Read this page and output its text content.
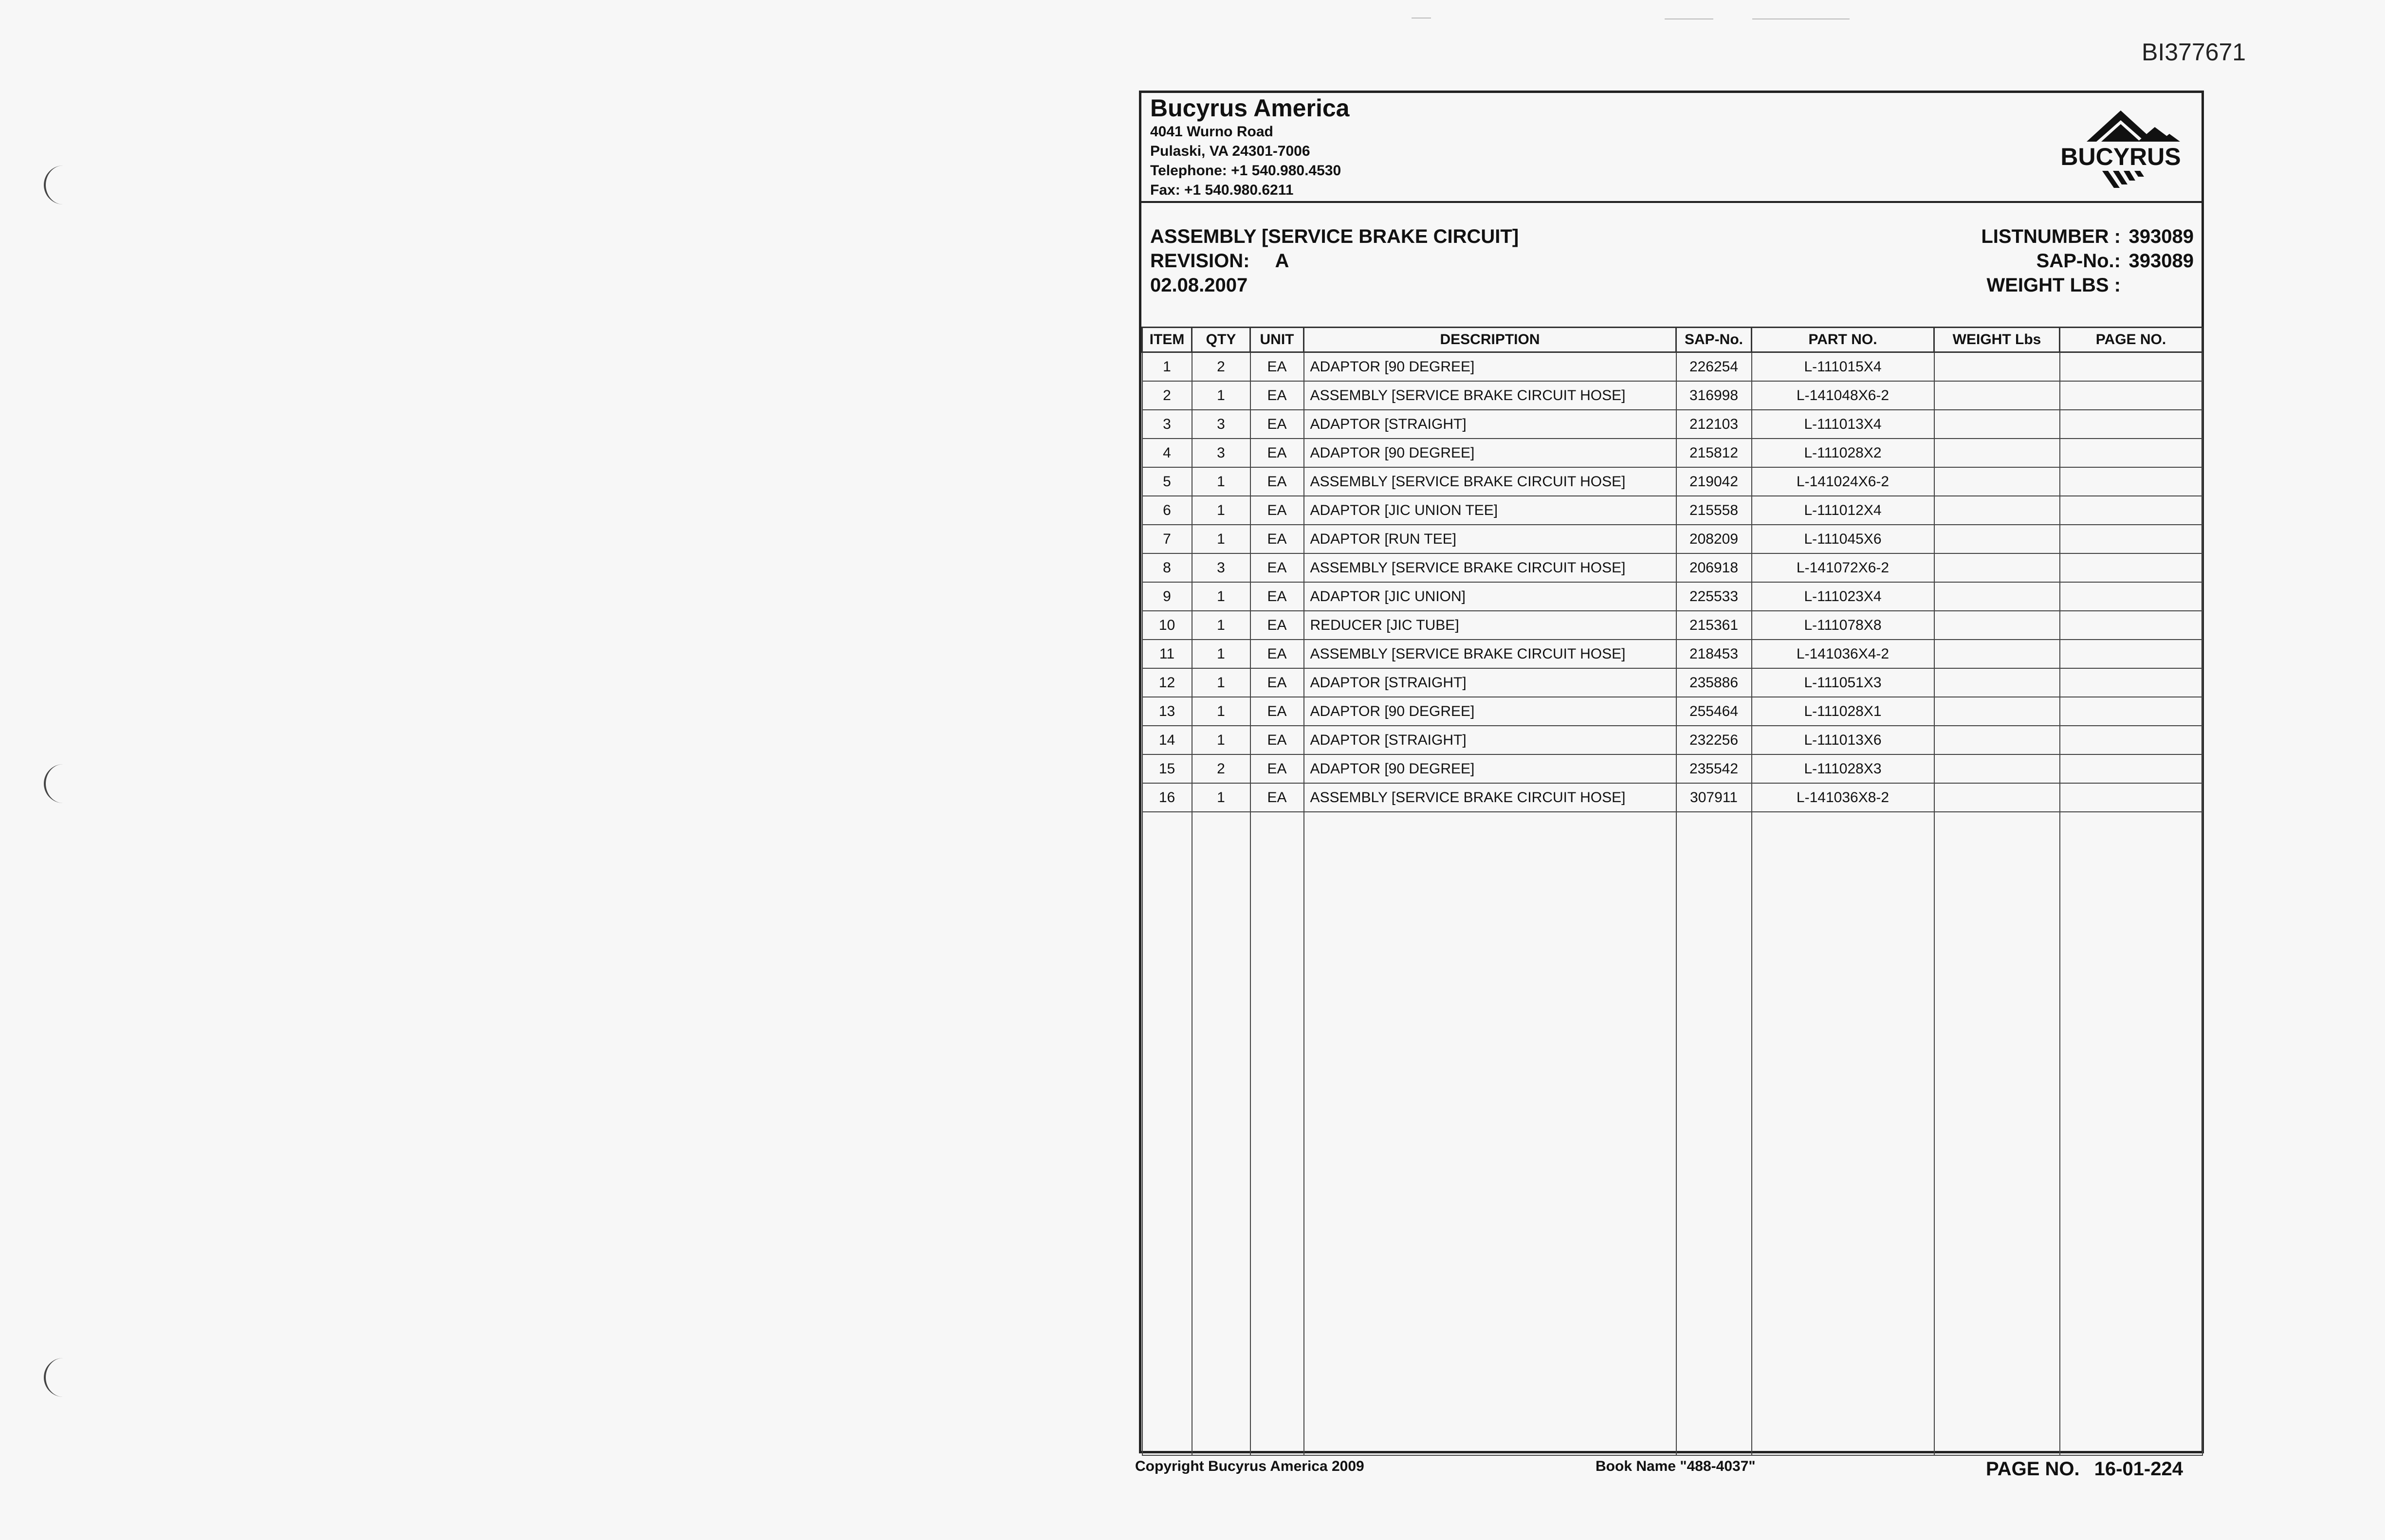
BI377671
Bucyrus America
4041 Wurno Road
Pulaski, VA 24301-7006
Telephone: +1 540.980.4530
Fax: +1 540.980.6211
BUCYRUS
ASSEMBLY [SERVICE BRAKE CIRCUIT]
REVISION: A
02.08.2007
LISTNUMBER : 393089
SAP-No.: 393089
WEIGHT LBS :
ITEM	QTY	UNIT	DESCRIPTION	SAP-No.	PART NO.	WEIGHT Lbs	PAGE NO.
1	2	EA	ADAPTOR [90 DEGREE]	226254	L-111015X4		
2	1	EA	ASSEMBLY [SERVICE BRAKE CIRCUIT HOSE]	316998	L-141048X6-2		
3	3	EA	ADAPTOR [STRAIGHT]	212103	L-111013X4		
4	3	EA	ADAPTOR [90 DEGREE]	215812	L-111028X2		
5	1	EA	ASSEMBLY [SERVICE BRAKE CIRCUIT HOSE]	219042	L-141024X6-2		
6	1	EA	ADAPTOR [JIC UNION TEE]	215558	L-111012X4		
7	1	EA	ADAPTOR [RUN TEE]	208209	L-111045X6		
8	3	EA	ASSEMBLY [SERVICE BRAKE CIRCUIT HOSE]	206918	L-141072X6-2		
9	1	EA	ADAPTOR [JIC UNION]	225533	L-111023X4		
10	1	EA	REDUCER [JIC TUBE]	215361	L-111078X8		
11	1	EA	ASSEMBLY [SERVICE BRAKE CIRCUIT HOSE]	218453	L-141036X4-2		
12	1	EA	ADAPTOR [STRAIGHT]	235886	L-111051X3		
13	1	EA	ADAPTOR [90 DEGREE]	255464	L-111028X1		
14	1	EA	ADAPTOR [STRAIGHT]	232256	L-111013X6		
15	2	EA	ADAPTOR [90 DEGREE]	235542	L-111028X3		
16	1	EA	ASSEMBLY [SERVICE BRAKE CIRCUIT HOSE]	307911	L-141036X8-2		

Copyright Bucyrus America 2009	Book Name "488-4037"	PAGE NO. 16-01-224
